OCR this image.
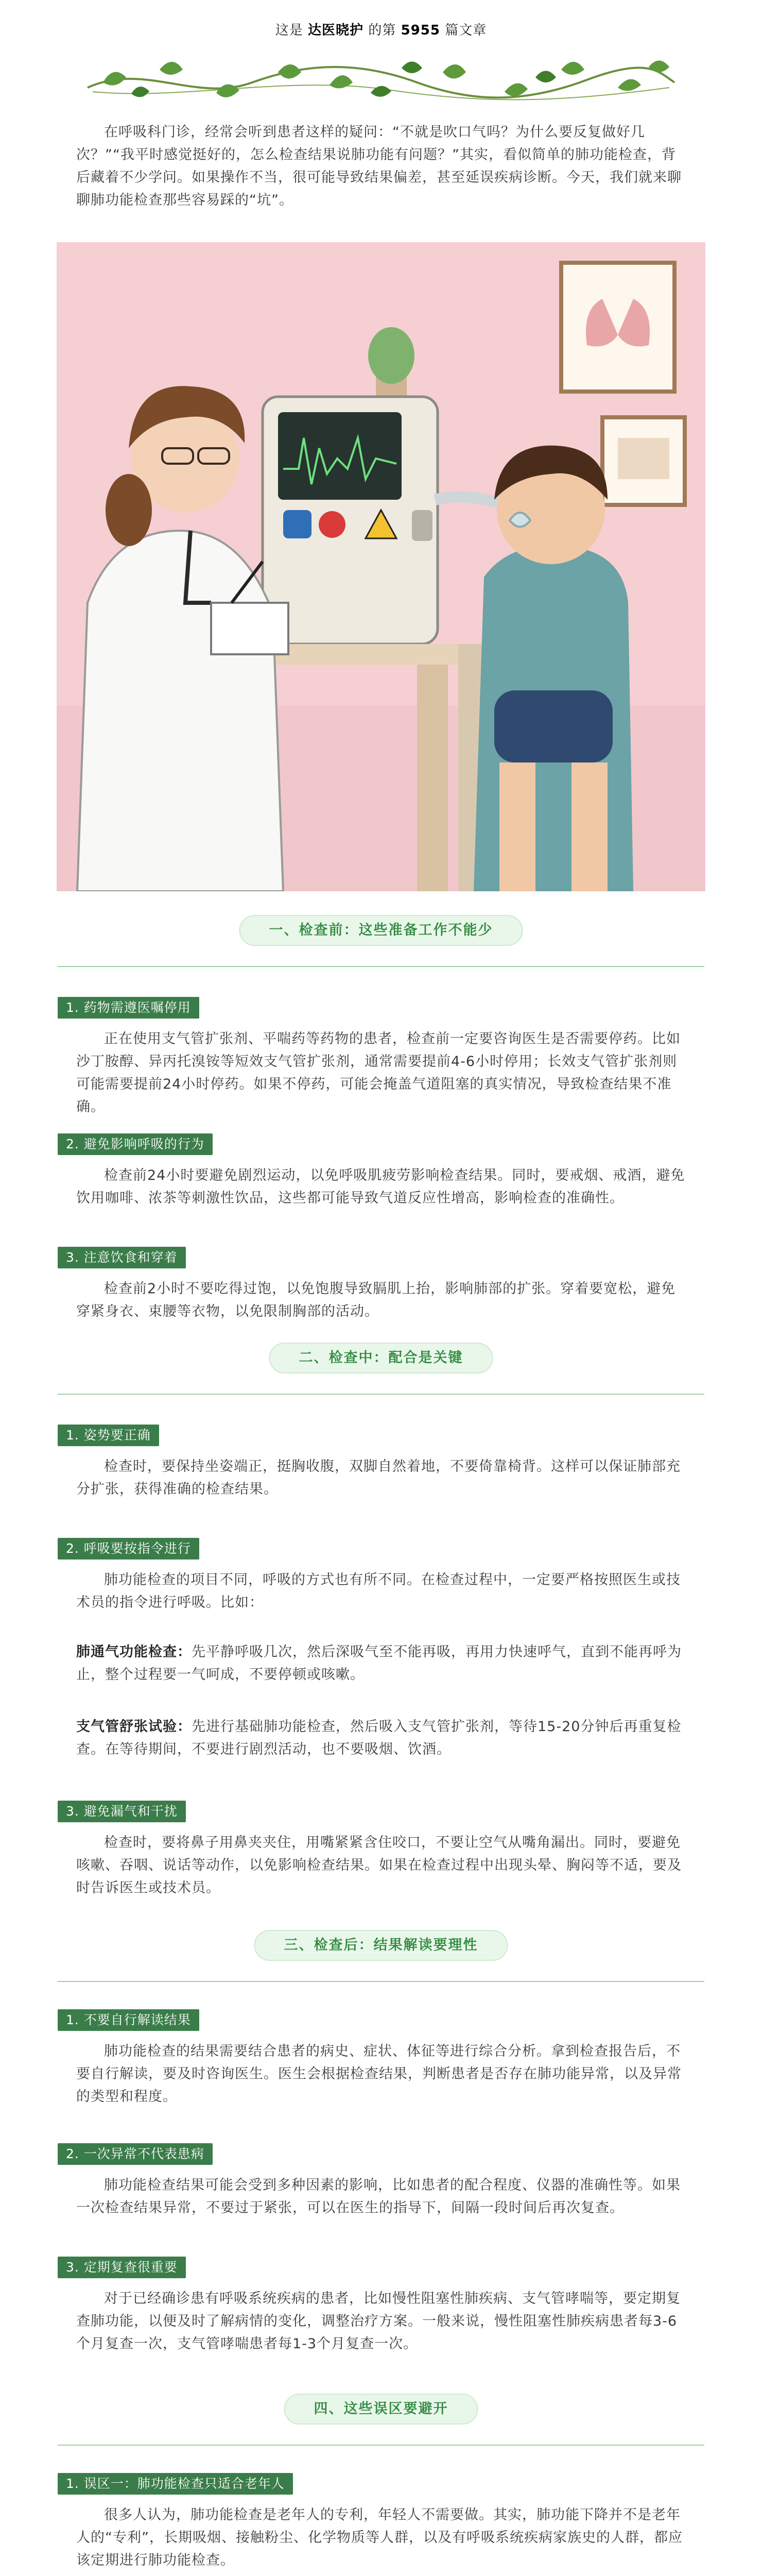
这是 达医晓护 的第 5955 篇文章

在呼吸科门诊，经常会听到患者这样的疑问：“不就是吹口气吗？为什么要反复做好几次？”“我平时感觉挺好的，怎么检查结果说肺功能有问题？”其实，看似简单的肺功能检查，背后藏着不少学问。如果操作不当，很可能导致结果偏差，甚至延误疾病诊断。今天，我们就来聊聊肺功能检查那些容易踩的“坑”。

一、检查前：这些准备工作不能少
1. 药物需遵医嘱停用

正在使用支气管扩张剂、平喘药等药物的患者，检查前一定要咨询医生是否需要停药。比如沙丁胺醇、异丙托溴铵等短效支气管扩张剂，通常需要提前4-6小时停用；长效支气管扩张剂则可能需要提前24小时停药。如果不停药，可能会掩盖气道阻塞的真实情况，导致检查结果不准确。

2. 避免影响呼吸的行为

检查前24小时要避免剧烈运动，以免呼吸肌疲劳影响检查结果。同时，要戒烟、戒酒，避免饮用咖啡、浓茶等刺激性饮品，这些都可能导致气道反应性增高，影响检查的准确性。

3. 注意饮食和穿着

检查前2小时不要吃得过饱，以免饱腹导致膈肌上抬，影响肺部的扩张。穿着要宽松，避免穿紧身衣、束腰等衣物，以免限制胸部的活动。

二、检查中：配合是关键
1. 姿势要正确

检查时，要保持坐姿端正，挺胸收腹，双脚自然着地，不要倚靠椅背。这样可以保证肺部充分扩张，获得准确的检查结果。

2. 呼吸要按指令进行

肺功能检查的项目不同，呼吸的方式也有所不同。在检查过程中，一定要严格按照医生或技术员的指令进行呼吸。比如：

肺通气功能检查：先平静呼吸几次，然后深吸气至不能再吸，再用力快速呼气，直到不能再呼为止，整个过程要一气呵成，不要停顿或咳嗽。

支气管舒张试验：先进行基础肺功能检查，然后吸入支气管扩张剂，等待15-20分钟后再重复检查。在等待期间，不要进行剧烈活动，也不要吸烟、饮酒。

3. 避免漏气和干扰

检查时，要将鼻子用鼻夹夹住，用嘴紧紧含住咬口，不要让空气从嘴角漏出。同时，要避免咳嗽、吞咽、说话等动作，以免影响检查结果。如果在检查过程中出现头晕、胸闷等不适，要及时告诉医生或技术员。

三、检查后：结果解读要理性
1. 不要自行解读结果

肺功能检查的结果需要结合患者的病史、症状、体征等进行综合分析。拿到检查报告后，不要自行解读，要及时咨询医生。医生会根据检查结果，判断患者是否存在肺功能异常，以及异常的类型和程度。

2. 一次异常不代表患病

肺功能检查结果可能会受到多种因素的影响，比如患者的配合程度、仪器的准确性等。如果一次检查结果异常，不要过于紧张，可以在医生的指导下，间隔一段时间后再次复查。

3. 定期复查很重要

对于已经确诊患有呼吸系统疾病的患者，比如慢性阻塞性肺疾病、支气管哮喘等，要定期复查肺功能，以便及时了解病情的变化，调整治疗方案。一般来说，慢性阻塞性肺疾病患者每3-6个月复查一次，支气管哮喘患者每1-3个月复查一次。

四、这些误区要避开
1. 误区一：肺功能检查只适合老年人

很多人认为，肺功能检查是老年人的专利，年轻人不需要做。其实，肺功能下降并不是老年人的“专利”，长期吸烟、接触粉尘、化学物质等人群，以及有呼吸系统疾病家族史的人群，都应该定期进行肺功能检查。
